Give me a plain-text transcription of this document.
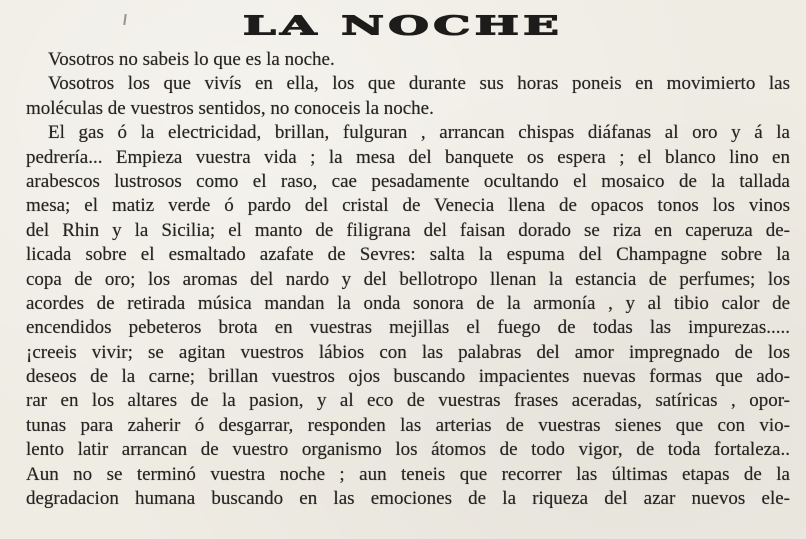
LA NOCHE
Vosotros no sabeis lo que es la noche.
Vosotros los que vivís en ella, los que durante sus horas poneis en movimierto las
moléculas de vuestros sentidos, no conoceis la noche.
El gas ó la electricidad, brillan, fulguran , arrancan chispas diáfanas al oro y á la
pedrería... Empieza vuestra vida ; la mesa del banquete os espera ; el blanco lino en
arabescos lustrosos como el raso, cae pesadamente ocultando el mosaico de la tallada
mesa; el matiz verde ó pardo del cristal de Venecia llena de opacos tonos los vinos
del Rhin y la Sicilia; el manto de filigrana del faisan dorado se riza en caperuza de-
licada sobre el esmaltado azafate de Sevres: salta la espuma del Champagne sobre la
copa de oro; los aromas del nardo y del bellotropo llenan la estancia de perfumes; los
acordes de retirada música mandan la onda sonora de la armonía , y al tibio calor de
encendidos pebeteros brota en vuestras mejillas el fuego de todas las impurezas.....
¡creeis vivir; se agitan vuestros lábios con las palabras del amor impregnado de los
deseos de la carne; brillan vuestros ojos buscando impacientes nuevas formas que ado-
rar en los altares de la pasion, y al eco de vuestras frases aceradas, satíricas , opor-
tunas para zaherir ó desgarrar, responden las arterias de vuestras sienes que con vio-
lento latir arrancan de vuestro organismo los átomos de todo vigor, de toda fortaleza..
Aun no se terminó vuestra noche ; aun teneis que recorrer las últimas etapas de la
degradacion humana buscando en las emociones de la riqueza del azar nuevos ele-
